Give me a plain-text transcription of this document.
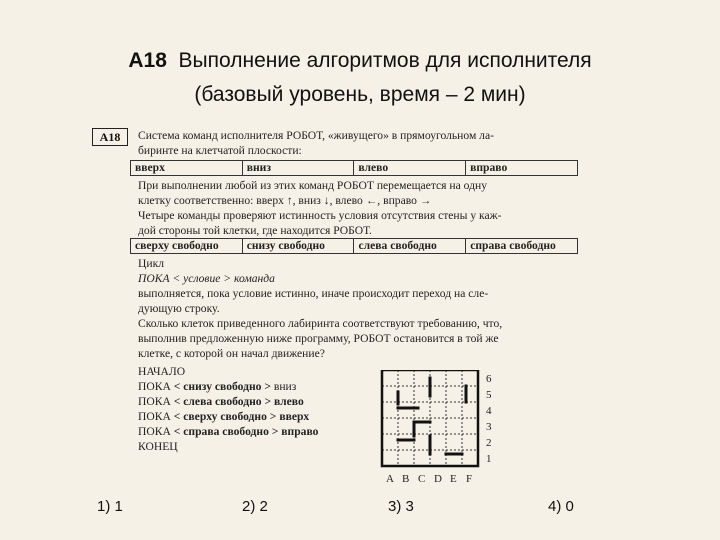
A18 Выполнение алгоритмов для исполнителя
(базовый уровень, время – 2 мин)
A18	Система команд исполнителя РОБОТ, «живущего» в прямоугольном ла-
биринте на клетчатой плоскости:
вверх	вниз	влево	вправо
При выполнении любой из этих команд РОБОТ перемещается на одну
клетку соответственно: вверх ↑, вниз ↓, влево ←, вправо →
Четыре команды проверяют истинность условия отсутствия стены у каж-
дой стороны той клетки, где находится РОБОТ.
сверху свободно	снизу свободно	слева свободно	справа свободно
Цикл
ПОКА < условие > команда
выполняется, пока условие истинно, иначе происходит переход на сле-
дующую строку.
Сколько клеток приведенного лабиринта соответствуют требованию, что,
выполнив предложенную ниже программу, РОБОТ остановится в той же
клетке, с которой он начал движение?
НАЧАЛО
ПОКА < снизу свободно > вниз
ПОКА < слева свободно > влево
ПОКА < сверху свободно > вверх
ПОКА < справа свободно > вправо
КОНЕЦ
6
5
4
3
2
1
A B C D E F
1) 1	2) 2	3) 3	4) 0
